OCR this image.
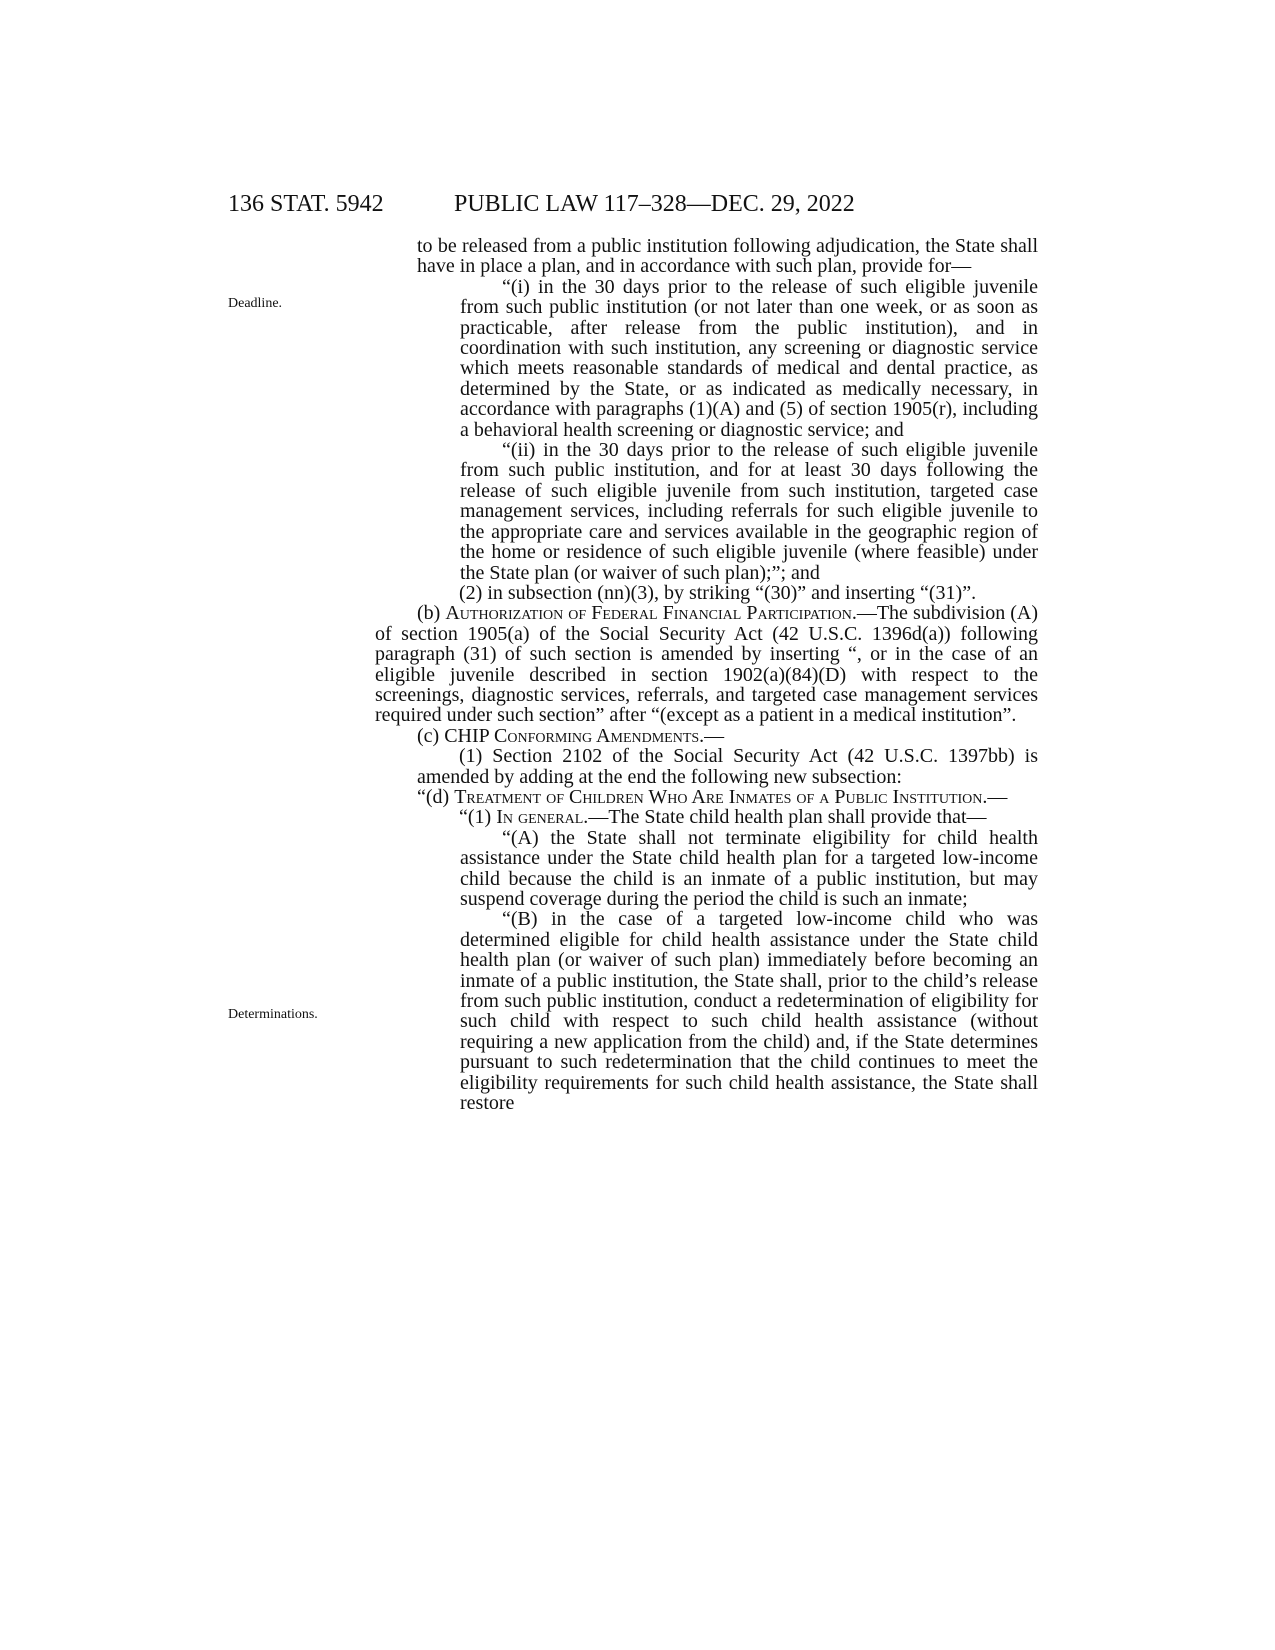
136 STAT. 5942	PUBLIC LAW 117–328—DEC. 29, 2022
Deadline.
Determinations.

to be released from a public institution following adjudication, the State shall have in place a plan, and in accordance with such plan, provide for—

“(i) in the 30 days prior to the release of such eligible juvenile from such public institution (or not later than one week, or as soon as practicable, after release from the public institution), and in coordination with such institution, any screening or diagnostic service which meets reasonable standards of medical and dental practice, as determined by the State, or as indicated as medically necessary, in accordance with paragraphs (1)(A) and (5) of section 1905(r), including a behavioral health screening or diagnostic service; and

“(ii) in the 30 days prior to the release of such eligible juvenile from such public institution, and for at least 30 days following the release of such eligible juvenile from such institution, targeted case management services, including referrals for such eligible juvenile to the appropriate care and services available in the geographic region of the home or residence of such eligible juvenile (where feasible) under the State plan (or waiver of such plan);”; and

(2) in subsection (nn)(3), by striking “(30)” and inserting “(31)”.

(b) Authorization of Federal Financial Participation.—The subdivision (A) of section 1905(a) of the Social Security Act (42 U.S.C. 1396d(a)) following paragraph (31) of such section is amended by inserting “, or in the case of an eligible juvenile described in section 1902(a)(84)(D) with respect to the screenings, diagnostic services, referrals, and targeted case management services required under such section” after “(except as a patient in a medical institution”.

(c) CHIP Conforming Amendments.—

(1) Section 2102 of the Social Security Act (42 U.S.C. 1397bb) is amended by adding at the end the following new subsection:

“(d) Treatment of Children Who Are Inmates of a Public Institution.—

“(1) In general.—The State child health plan shall provide that—

“(A) the State shall not terminate eligibility for child health assistance under the State child health plan for a targeted low-income child because the child is an inmate of a public institution, but may suspend coverage during the period the child is such an inmate;

“(B) in the case of a targeted low-income child who was determined eligible for child health assistance under the State child health plan (or waiver of such plan) immediately before becoming an inmate of a public institution, the State shall, prior to the child’s release from such public institution, conduct a redetermination of eligibility for such child with respect to such child health assistance (without requiring a new application from the child) and, if the State determines pursuant to such redetermination that the child continues to meet the eligibility requirements for such child health assistance, the State shall restore
